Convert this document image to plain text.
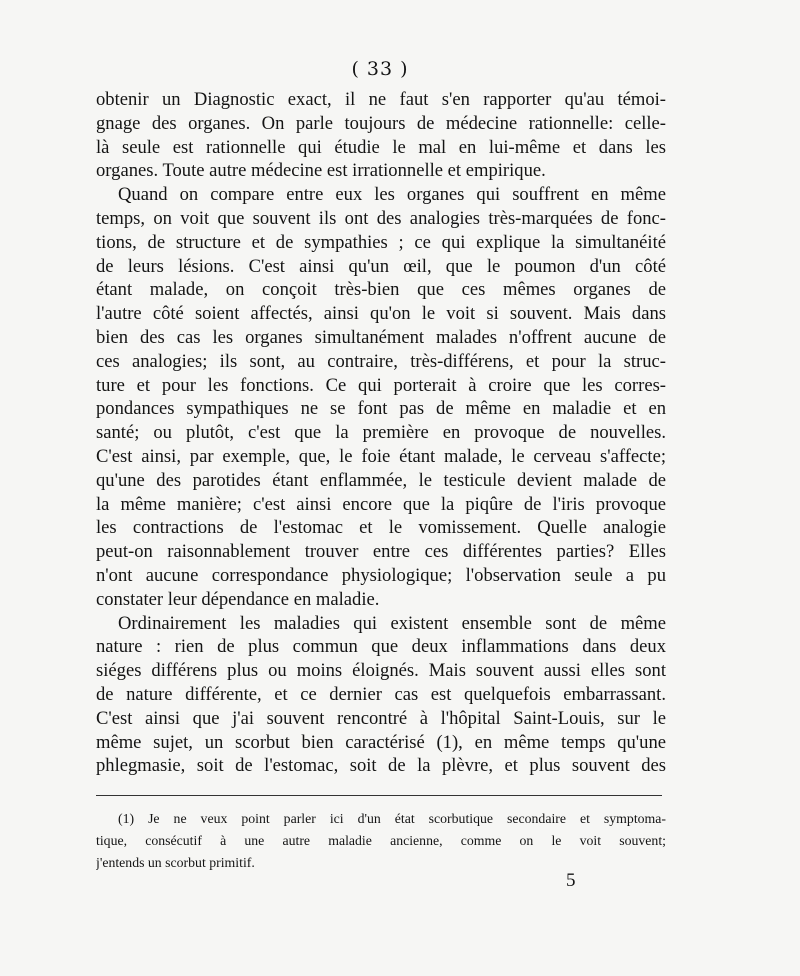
( 33 )
obtenir un Diagnostic exact, il ne faut s'en rapporter qu'au témoi-
gnage des organes. On parle toujours de médecine rationnelle: celle-
là seule est rationnelle qui étudie le mal en lui-même et dans les
organes. Toute autre médecine est irrationnelle et empirique.
Quand on compare entre eux les organes qui souffrent en même
temps, on voit que souvent ils ont des analogies très-marquées de fonc-
tions, de structure et de sympathies ; ce qui explique la simultanéité
de leurs lésions. C'est ainsi qu'un œil, que le poumon d'un côté
étant malade, on conçoit très-bien que ces mêmes organes de
l'autre côté soient affectés, ainsi qu'on le voit si souvent. Mais dans
bien des cas les organes simultanément malades n'offrent aucune de
ces analogies; ils sont, au contraire, très-différens, et pour la struc-
ture et pour les fonctions. Ce qui porterait à croire que les corres-
pondances sympathiques ne se font pas de même en maladie et en
santé; ou plutôt, c'est que la première en provoque de nouvelles.
C'est ainsi, par exemple, que, le foie étant malade, le cerveau s'affecte;
qu'une des parotides étant enflammée, le testicule devient malade de
la même manière; c'est ainsi encore que la piqûre de l'iris provoque
les contractions de l'estomac et le vomissement. Quelle analogie
peut-on raisonnablement trouver entre ces différentes parties? Elles
n'ont aucune correspondance physiologique; l'observation seule a pu
constater leur dépendance en maladie.
Ordinairement les maladies qui existent ensemble sont de même
nature : rien de plus commun que deux inflammations dans deux
siéges différens plus ou moins éloignés. Mais souvent aussi elles sont
de nature différente, et ce dernier cas est quelquefois embarrassant.
C'est ainsi que j'ai souvent rencontré à l'hôpital Saint-Louis, sur le
même sujet, un scorbut bien caractérisé (1), en même temps qu'une
phlegmasie, soit de l'estomac, soit de la plèvre, et plus souvent des
(1) Je ne veux point parler ici d'un état scorbutique secondaire et symptoma-
tique, consécutif à une autre maladie ancienne, comme on le voit souvent;
j'entends un scorbut primitif.
5
